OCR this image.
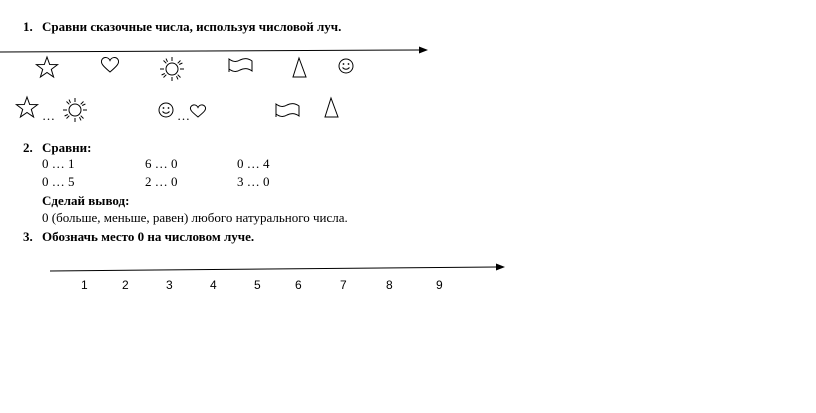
1. Сравни сказочные числа, используя числовой луч.
…	…
2. Сравни:
0 … 1	6 … 0	0 … 4
0 … 5	2 … 0	3 … 0
Сделай вывод:
0 (больше, меньше, равен) любого натурального числа.
3. Обозначь место 0 на числовом луче.
1	2	3	4	5	6	7	8	9
